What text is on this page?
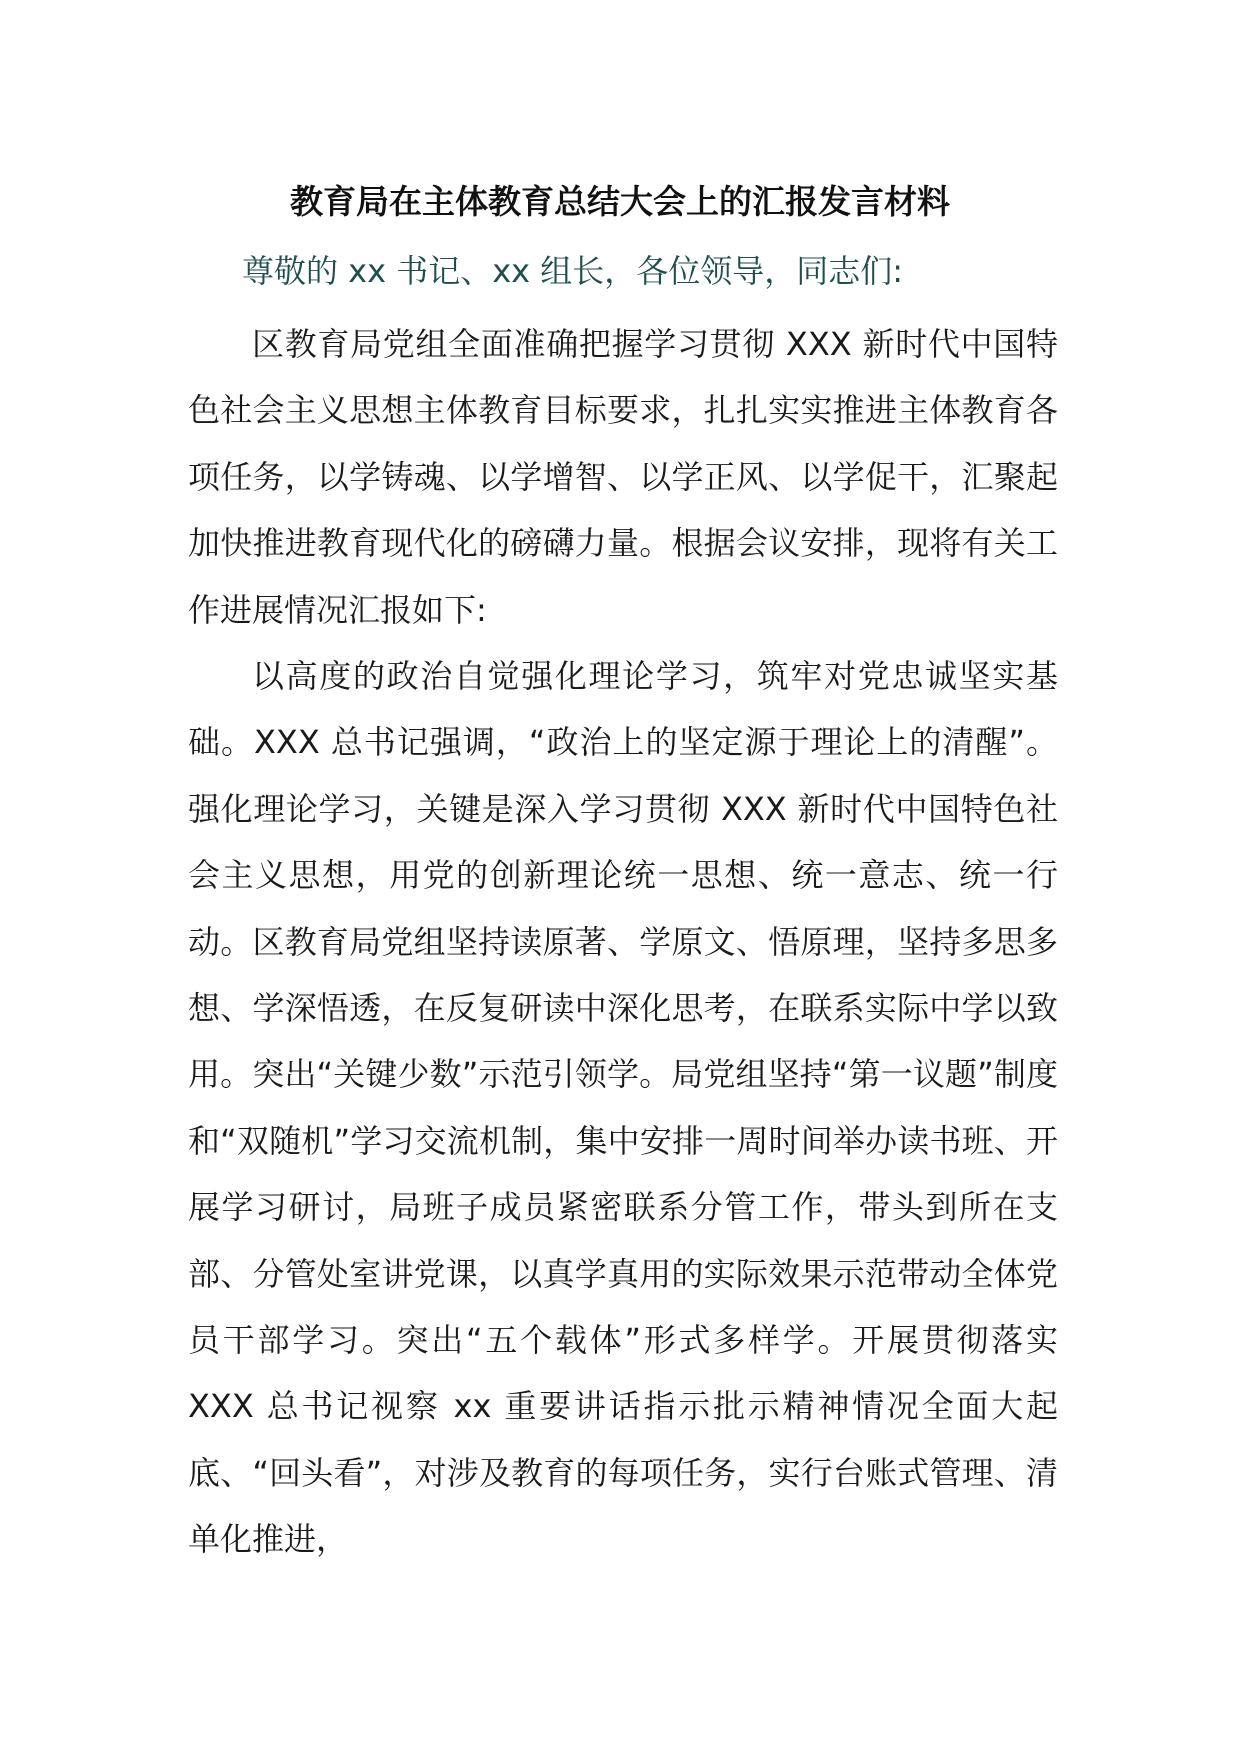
教育局在主体教育总结大会上的汇报发言材料
尊敬的 xx 书记、xx 组长，各位领导，同志们:

区教育局党组全面准确把握学习贯彻 XXX 新时代中国特色社会主义思想主体教育目标要求，扎扎实实推进主体教育各项任务，以学铸魂、以学增智、以学正风、以学促干，汇聚起加快推进教育现代化的磅礴力量。根据会议安排，现将有关工作进展情况汇报如下:

以高度的政治自觉强化理论学习，筑牢对党忠诚坚实基础。XXX 总书记强调，“政治上的坚定源于理论上的清醒”。强化理论学习，关键是深入学习贯彻 XXX 新时代中国特色社会主义思想，用党的创新理论统一思想、统一意志、统一行动。区教育局党组坚持读原著、学原文、悟原理，坚持多思多想、学深悟透，在反复研读中深化思考，在联系实际中学以致用。突出“关键少数”示范引领学。局党组坚持“第一议题”制度和“双随机”学习交流机制，集中安排一周时间举办读书班、开展学习研讨，局班子成员紧密联系分管工作，带头到所在支部、分管处室讲党课，以真学真用的实际效果示范带动全体党员干部学习。突出“五个载体”形式多样学。开展贯彻落实 XXX 总书记视察 xx 重要讲话指示批示精神情况全面大起底、“回头看”，对涉及教育的每项任务，实行台账式管理、清单化推进，
